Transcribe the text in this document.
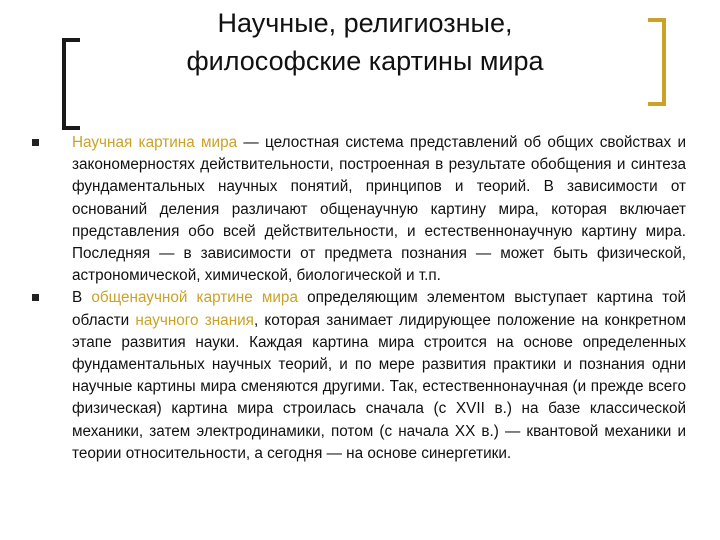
Научные, религиозные,
философские картины мира
Научная картина мира — целостная система представлений об общих свойствах и закономерностях действительности, построенная в результате обобщения и синтеза фундаментальных научных понятий, принципов и теорий. В зависимости от оснований деления различают общенаучную картину мира, которая включает представления обо всей действительности, и естественнонаучную картину мира. Последняя — в зависимости от предмета познания — может быть физической, астрономической, химической, биологической и т.п.
В общенаучной картине мира определяющим элементом выступает картина той области научного знания, которая занимает лидирующее положение на конкретном этапе развития науки. Каждая картина мира строится на основе определенных фундаментальных научных теорий, и по мере развития практики и познания одни научные картины мира сменяются другими. Так, естественнонаучная (и прежде всего физическая) картина мира строилась сначала (с XVII в.) на базе классической механики, затем электродинамики, потом (с начала XX в.) — квантовой механики и теории относительности, а сегодня — на основе синергетики.
